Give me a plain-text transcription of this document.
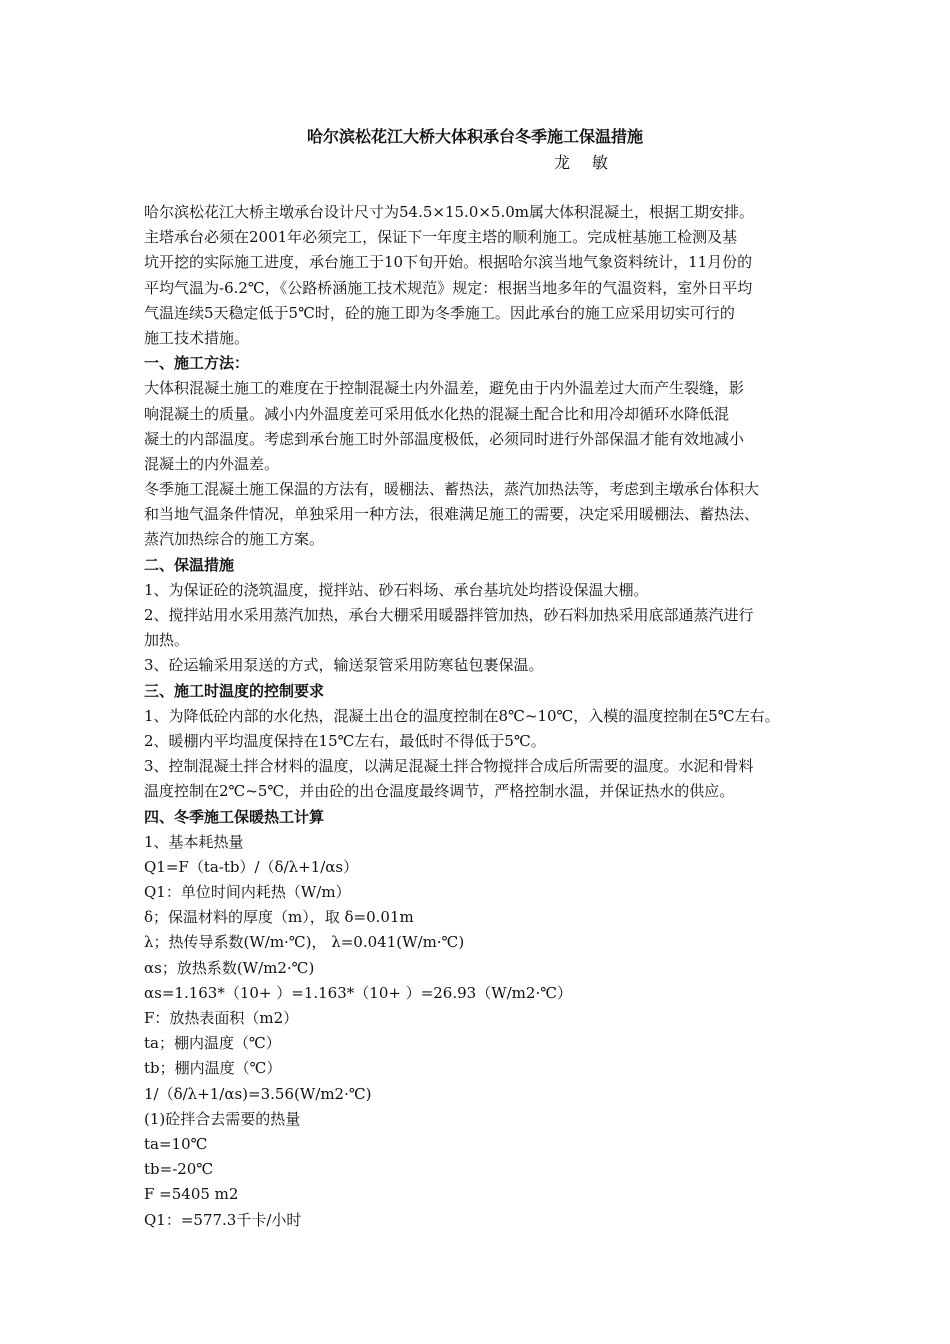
哈尔滨松花江大桥大体积承台冬季施工保温措施
龙敏
哈尔滨松花江大桥主墩承台设计尺寸为54.5×15.0×5.0m属大体积混凝土，根据工期安排。
主塔承台必须在2001年必须完工，保证下一年度主塔的顺利施工。完成桩基施工检测及基
坑开挖的实际施工进度，承台施工于10下旬开始。根据哈尔滨当地气象资料统计，11月份的
平均气温为-6.2℃，《公路桥涵施工技术规范》规定：根据当地多年的气温资料，室外日平均
气温连续5天稳定低于5℃时，砼的施工即为冬季施工。因此承台的施工应采用切实可行的
施工技术措施。
一、施工方法：
大体积混凝土施工的难度在于控制混凝土内外温差，避免由于内外温差过大而产生裂缝，影
响混凝土的质量。减小内外温度差可采用低水化热的混凝土配合比和用冷却循环水降低混
凝土的内部温度。考虑到承台施工时外部温度极低，必须同时进行外部保温才能有效地减小
混凝土的内外温差。
冬季施工混凝土施工保温的方法有，暖棚法、蓄热法，蒸汽加热法等，考虑到主墩承台体积大
和当地气温条件情况，单独采用一种方法，很难满足施工的需要，决定采用暖棚法、蓄热法、
蒸汽加热综合的施工方案。
二、保温措施
1、为保证砼的浇筑温度，搅拌站、砂石料场、承台基坑处均搭设保温大棚。
2、搅拌站用水采用蒸汽加热，承台大棚采用暖器拌管加热，砂石料加热采用底部通蒸汽进行
加热。
3、砼运输采用泵送的方式，输送泵管采用防寒毡包裹保温。
三、施工时温度的控制要求
1、为降低砼内部的水化热，混凝土出仓的温度控制在8℃~10℃，入模的温度控制在5℃左右。
2、暖棚内平均温度保持在15℃左右，最低时不得低于5℃。
3、控制混凝土拌合材料的温度，以满足混凝土拌合物搅拌合成后所需要的温度。水泥和骨料
温度控制在2℃~5℃，并由砼的出仓温度最终调节，严格控制水温，并保证热水的供应。
四、冬季施工保暖热工计算
1、基本耗热量
Q1=F（ta-tb）/（δ/λ+1/αs）
Q1：单位时间内耗热（W/m）
δ；保温材料的厚度（m），取 δ=0.01m
λ；热传导系数(W/m·℃)， λ=0.041(W/m·℃)
αs；放热系数(W/m2·℃)
αs=1.163*（10+ ）=1.163*（10+ ）=26.93（W/m2·℃）
F：放热表面积（m2）
ta；棚内温度（℃）
tb；棚内温度（℃）
1/（δ/λ+1/αs)=3.56(W/m2·℃)
(1)砼拌合去需要的热量
ta=10℃
tb=-20℃
F =5405 m2
Q1：=577.3千卡/小时
